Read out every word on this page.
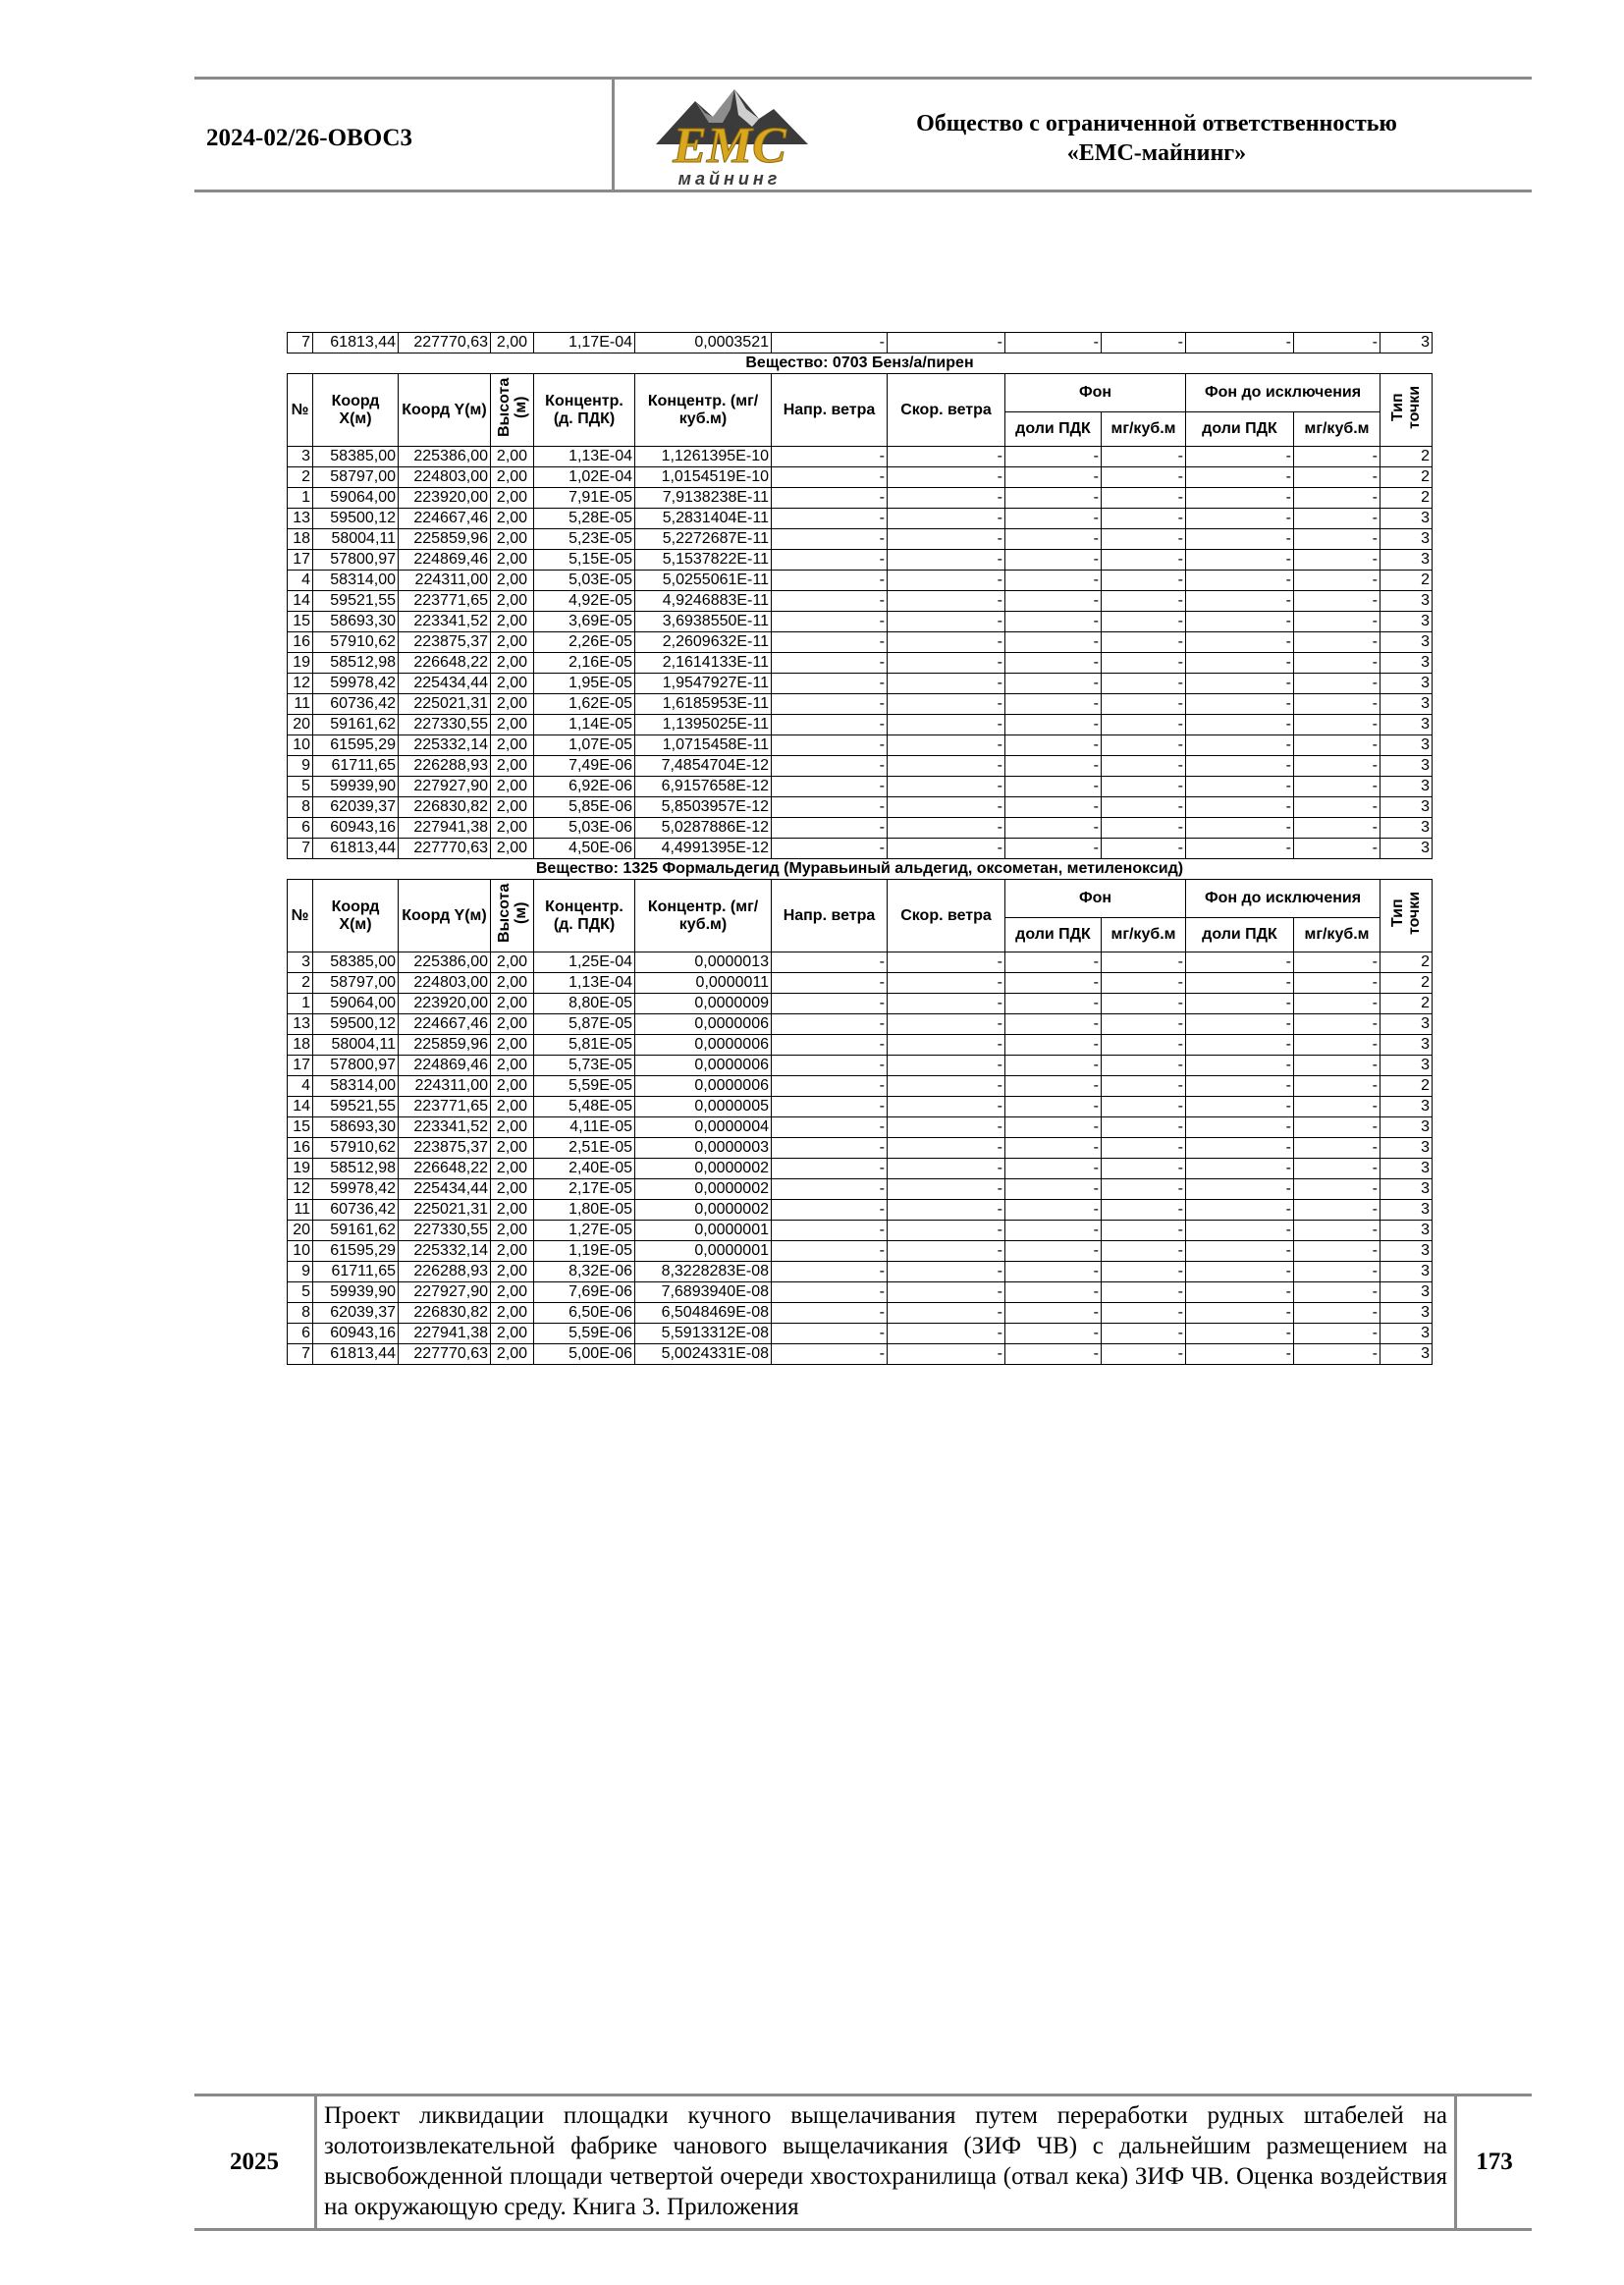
2024-02/26-ОВОС3	ЕМС
майнинг
Общество с ограниченной ответственностью
«ЕМС-майнинг»
7	61813,44	227770,63	2,00	1,17E-04	0,0003521	-	-	-	-	-	-	3
Вещество: 0703 Бенз/а/пирен												
№	Коорд Х(м)	Коорд Y(м)	Высота (м)	Концентр. (д. ПДК)	Концентр. (мг/куб.м)	Напр. ветра	Скор. ветра	Фон		Фон до исключения		Тип точки
								доли ПДК	мг/куб.м	доли ПДК	мг/куб.м	
3	58385,00	225386,00	2,00	1,13E-04	1,1261395E-10	-	-	-	-	-	-	2
2	58797,00	224803,00	2,00	1,02E-04	1,0154519E-10	-	-	-	-	-	-	2
1	59064,00	223920,00	2,00	7,91E-05	7,9138238E-11	-	-	-	-	-	-	2
13	59500,12	224667,46	2,00	5,28E-05	5,2831404E-11	-	-	-	-	-	-	3
18	58004,11	225859,96	2,00	5,23E-05	5,2272687E-11	-	-	-	-	-	-	3
17	57800,97	224869,46	2,00	5,15E-05	5,1537822E-11	-	-	-	-	-	-	3
4	58314,00	224311,00	2,00	5,03E-05	5,0255061E-11	-	-	-	-	-	-	2
14	59521,55	223771,65	2,00	4,92E-05	4,9246883E-11	-	-	-	-	-	-	3
15	58693,30	223341,52	2,00	3,69E-05	3,6938550E-11	-	-	-	-	-	-	3
16	57910,62	223875,37	2,00	2,26E-05	2,2609632E-11	-	-	-	-	-	-	3
19	58512,98	226648,22	2,00	2,16E-05	2,1614133E-11	-	-	-	-	-	-	3
12	59978,42	225434,44	2,00	1,95E-05	1,9547927E-11	-	-	-	-	-	-	3
11	60736,42	225021,31	2,00	1,62E-05	1,6185953E-11	-	-	-	-	-	-	3
20	59161,62	227330,55	2,00	1,14E-05	1,1395025E-11	-	-	-	-	-	-	3
10	61595,29	225332,14	2,00	1,07E-05	1,0715458E-11	-	-	-	-	-	-	3
9	61711,65	226288,93	2,00	7,49E-06	7,4854704E-12	-	-	-	-	-	-	3
5	59939,90	227927,90	2,00	6,92E-06	6,9157658E-12	-	-	-	-	-	-	3
8	62039,37	226830,82	2,00	5,85E-06	5,8503957E-12	-	-	-	-	-	-	3
6	60943,16	227941,38	2,00	5,03E-06	5,0287886E-12	-	-	-	-	-	-	3
7	61813,44	227770,63	2,00	4,50E-06	4,4991395E-12	-	-	-	-	-	-	3
Вещество: 1325 Формальдегид (Муравьиный альдегид, оксометан, метиленоксид)												
№	Коорд Х(м)	Коорд Y(м)	Высота (м)	Концентр. (д. ПДК)	Концентр. (мг/куб.м)	Напр. ветра	Скор. ветра	Фон		Фон до исключения		Тип точки
								доли ПДК	мг/куб.м	доли ПДК	мг/куб.м	
3	58385,00	225386,00	2,00	1,25E-04	0,0000013	-	-	-	-	-	-	2
2	58797,00	224803,00	2,00	1,13E-04	0,0000011	-	-	-	-	-	-	2
1	59064,00	223920,00	2,00	8,80E-05	0,0000009	-	-	-	-	-	-	2
13	59500,12	224667,46	2,00	5,87E-05	0,0000006	-	-	-	-	-	-	3
18	58004,11	225859,96	2,00	5,81E-05	0,0000006	-	-	-	-	-	-	3
17	57800,97	224869,46	2,00	5,73E-05	0,0000006	-	-	-	-	-	-	3
4	58314,00	224311,00	2,00	5,59E-05	0,0000006	-	-	-	-	-	-	2
14	59521,55	223771,65	2,00	5,48E-05	0,0000005	-	-	-	-	-	-	3
15	58693,30	223341,52	2,00	4,11E-05	0,0000004	-	-	-	-	-	-	3
16	57910,62	223875,37	2,00	2,51E-05	0,0000003	-	-	-	-	-	-	3
19	58512,98	226648,22	2,00	2,40E-05	0,0000002	-	-	-	-	-	-	3
12	59978,42	225434,44	2,00	2,17E-05	0,0000002	-	-	-	-	-	-	3
11	60736,42	225021,31	2,00	1,80E-05	0,0000002	-	-	-	-	-	-	3
20	59161,62	227330,55	2,00	1,27E-05	0,0000001	-	-	-	-	-	-	3
10	61595,29	225332,14	2,00	1,19E-05	0,0000001	-	-	-	-	-	-	3
9	61711,65	226288,93	2,00	8,32E-06	8,3228283E-08	-	-	-	-	-	-	3
5	59939,90	227927,90	2,00	7,69E-06	7,6893940E-08	-	-	-	-	-	-	3
8	62039,37	226830,82	2,00	6,50E-06	6,5048469E-08	-	-	-	-	-	-	3
6	60943,16	227941,38	2,00	5,59E-06	5,5913312E-08	-	-	-	-	-	-	3
7	61813,44	227770,63	2,00	5,00E-06	5,0024331E-08	-	-	-	-	-	-	3
2025
Проект ликвидации площадки кучного выщелачивания путем переработки рудных штабелей на золотоизвлекательной фабрике чанового выщелачикания (ЗИФ ЧВ) с дальнейшим размещением на высвобожденной площади четвертой очереди хвостохранилища (отвал кека) ЗИФ ЧВ. Оценка воздействия на окружающую среду. Книга 3. Приложения
173
